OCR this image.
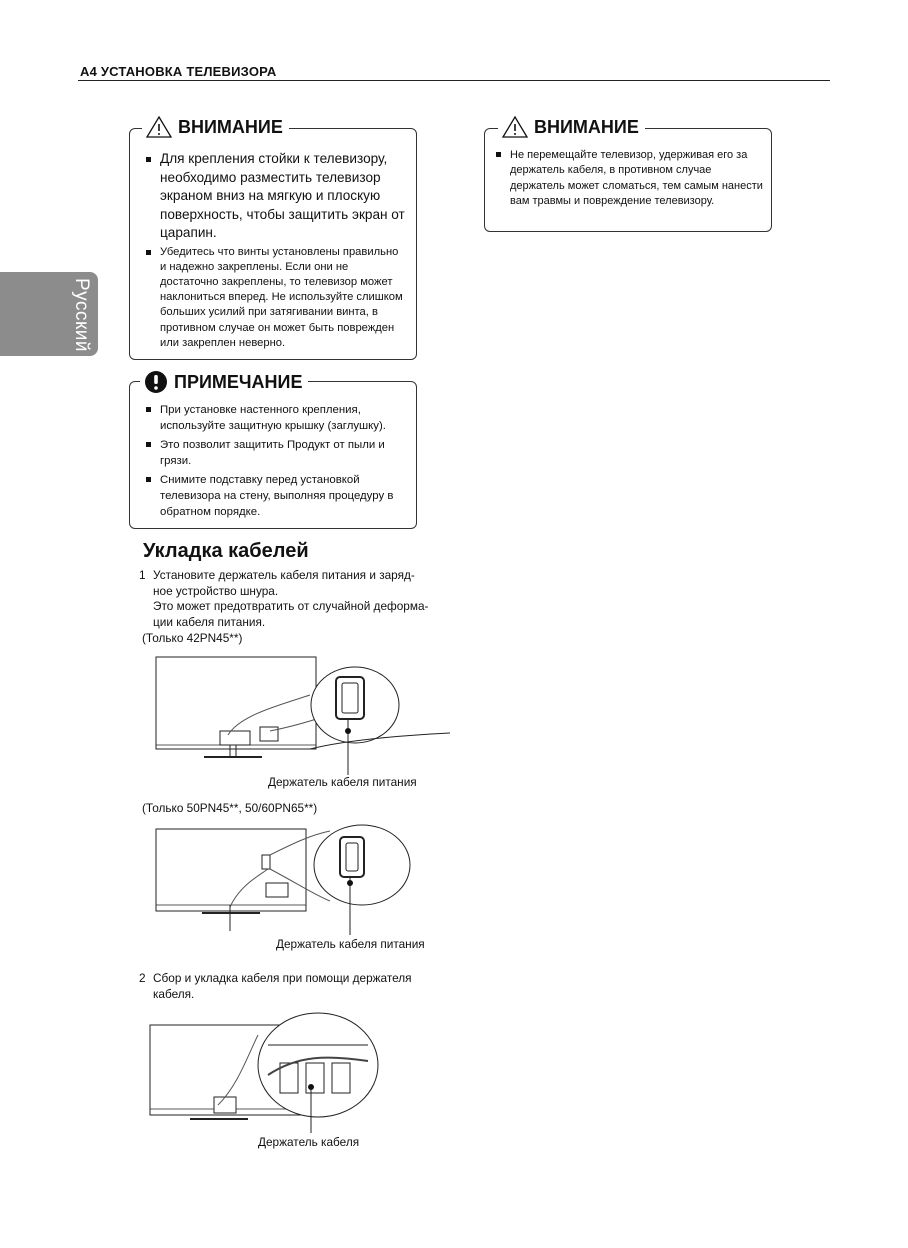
A4 УСТАНОВКА ТЕЛЕВИЗОРА
Русский
ВНИМАНИЕ
Для крепления стойки к телевизору, необходимо разместить телевизор экраном вниз на мягкую и плоскую поверхность, чтобы защитить экран от царапин.
Убедитесь что винты установлены правильно и надежно закреплены. Если они не достаточно закреплены, то телевизор может наклониться вперед. Не используйте слишком больших усилий при затягивании винта, в противном случае он может быть поврежден или закреплен неверно.
ПРИМЕЧАНИЕ
При установке настенного крепления, используйте защитную крышку (заглушку).
Это позволит защитить Продукт от пыли и грязи.
Снимите подставку перед установкой телевизора на стену, выполняя процедуру в обратном порядке.
ВНИМАНИЕ
Не перемещайте телевизор, удерживая его за держатель кабеля, в противном случае держатель может сломаться, тем самым нанести вам травмы и повреждение телевизору.
Укладка кабелей
1 Установите держатель кабеля питания и заряд-
ное устройство шнура.
Это может предотвратить от случайной деформа-
ции кабеля питания.
(Только 42PN45**)
Держатель кабеля питания
(Только 50PN45**, 50/60PN65**)
Держатель кабеля питания
2 Сбор и укладка кабеля при помощи держателя
кабеля.
Держатель кабеля
